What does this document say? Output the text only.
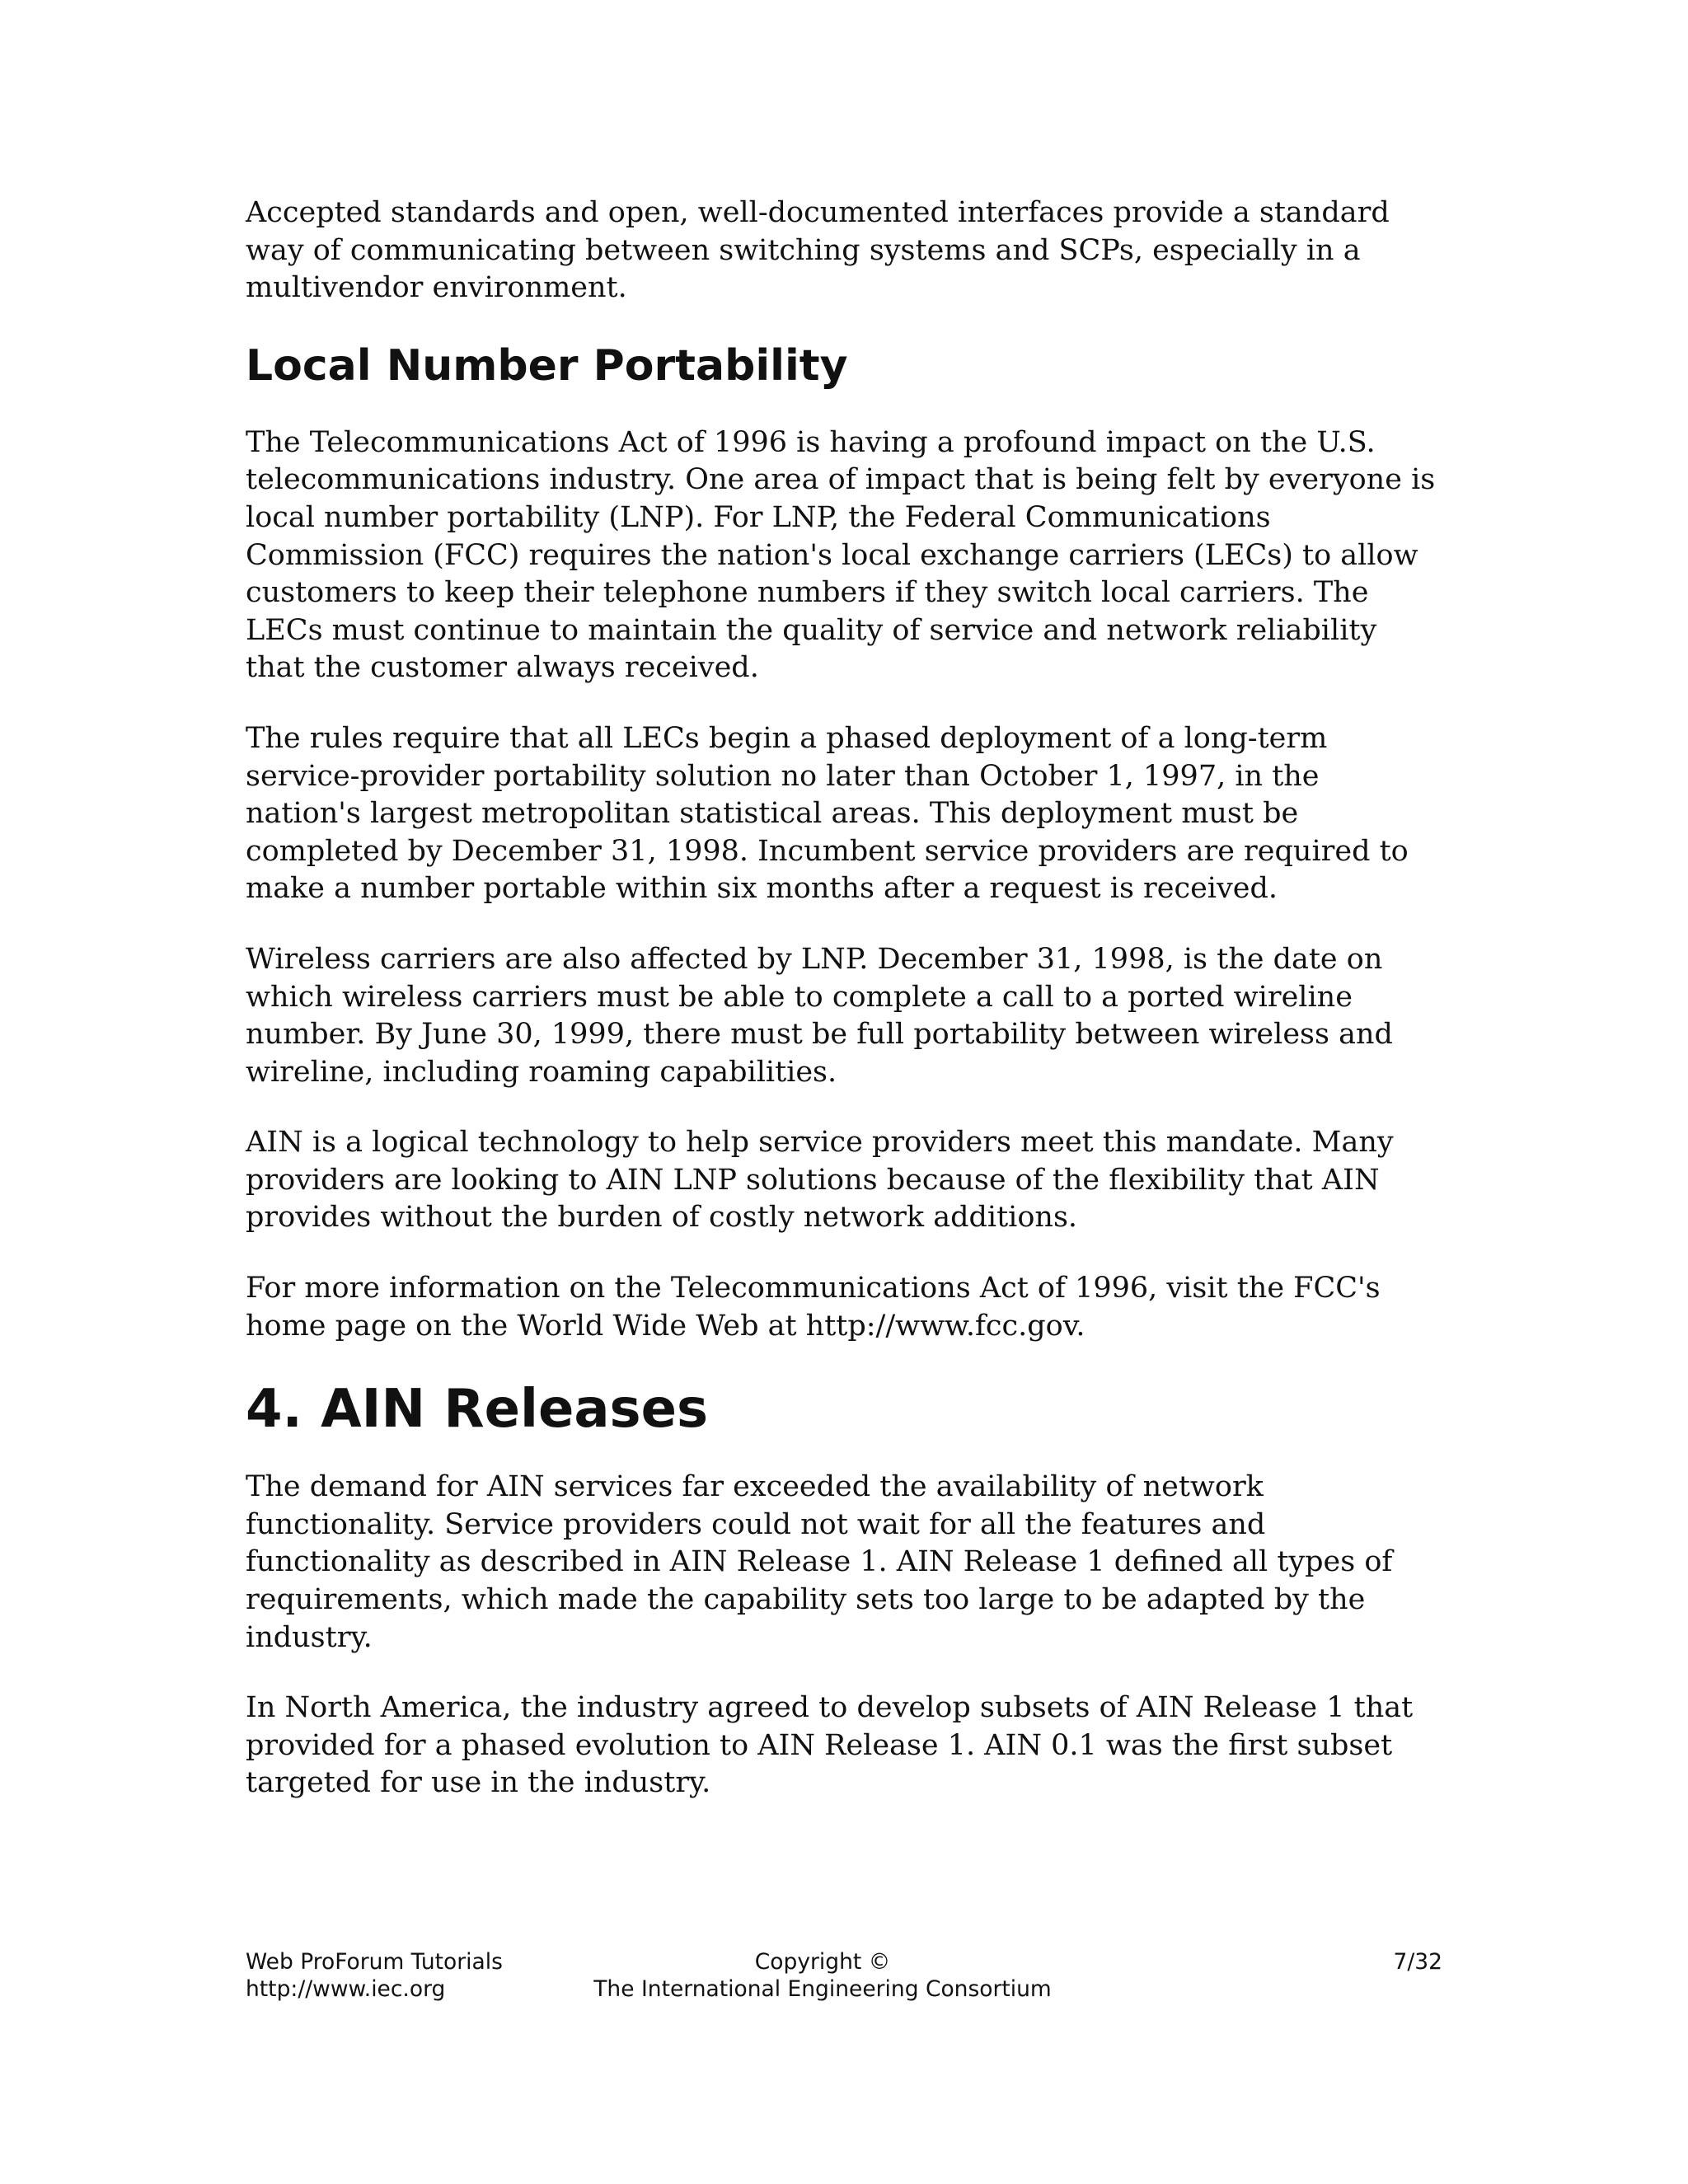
Accepted standards and open, well-documented interfaces provide a standard way of communicating between switching systems and SCPs, especially in a multivendor environment.

Local Number Portability

The Telecommunications Act of 1996 is having a profound impact on the U.S. telecommunications industry. One area of impact that is being felt by everyone is local number portability (LNP). For LNP, the Federal Communications Commission (FCC) requires the nation's local exchange carriers (LECs) to allow customers to keep their telephone numbers if they switch local carriers. The LECs must continue to maintain the quality of service and network reliability that the customer always received.

The rules require that all LECs begin a phased deployment of a long-term service-provider portability solution no later than October 1, 1997, in the nation's largest metropolitan statistical areas. This deployment must be completed by December 31, 1998. Incumbent service providers are required to make a number portable within six months after a request is received.

Wireless carriers are also affected by LNP. December 31, 1998, is the date on which wireless carriers must be able to complete a call to a ported wireline number. By June 30, 1999, there must be full portability between wireless and wireline, including roaming capabilities.

AIN is a logical technology to help service providers meet this mandate. Many providers are looking to AIN LNP solutions because of the flexibility that AIN provides without the burden of costly network additions.

For more information on the Telecommunications Act of 1996, visit the FCC's home page on the World Wide Web at http://www.fcc.gov.

4. AIN Releases

The demand for AIN services far exceeded the availability of network functionality. Service providers could not wait for all the features and functionality as described in AIN Release 1. AIN Release 1 defined all types of requirements, which made the capability sets too large to be adapted by the industry.

In North America, the industry agreed to develop subsets of AIN Release 1 that provided for a phased evolution to AIN Release 1. AIN 0.1 was the first subset targeted for use in the industry.

Web ProForum Tutorials
http://www.iec.org
Copyright ©
The International Engineering Consortium
7/32
